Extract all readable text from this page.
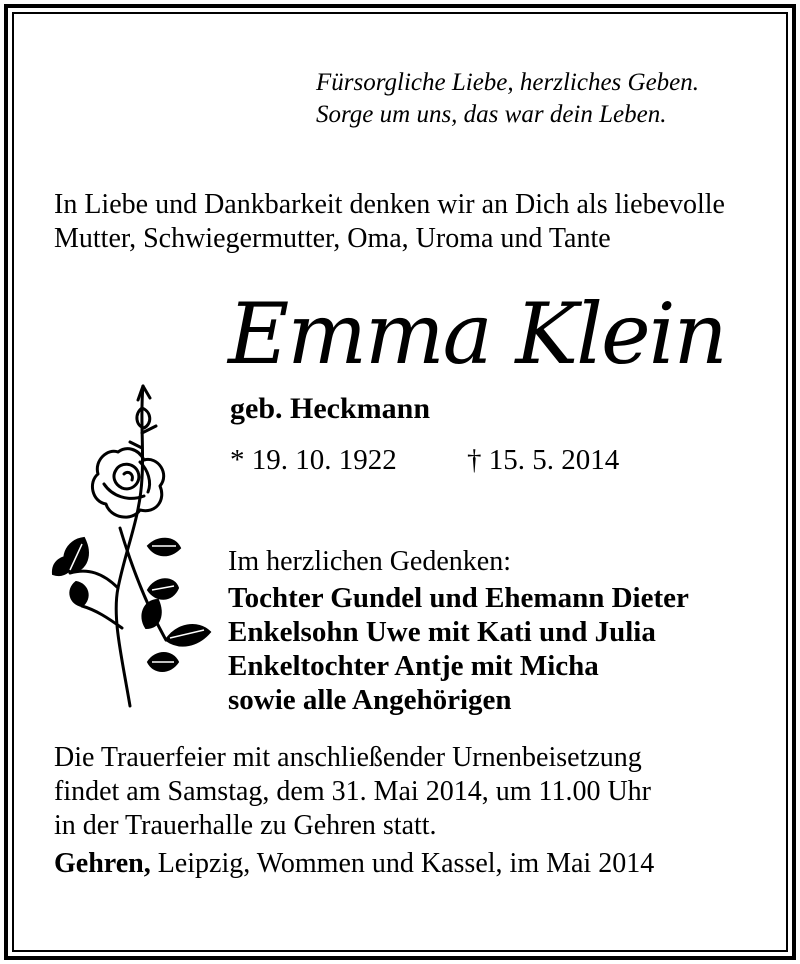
Fürsorgliche Liebe, herzliches Geben.
Sorge um uns, das war dein Leben.
In Liebe und Dankbarkeit denken wir an Dich als liebevolle
Mutter, Schwiegermutter, Oma, Uroma und Tante
Emma Klein
geb. Heckmann
* 19. 10. 1922 † 15. 5. 2014
Im herzlichen Gedenken:
Tochter Gundel und Ehemann Dieter
Enkelsohn Uwe mit Kati und Julia
Enkeltochter Antje mit Micha
sowie alle Angehörigen
Die Trauerfeier mit anschließender Urnenbeisetzung
findet am Samstag, dem 31. Mai 2014, um 11.00 Uhr
in der Trauerhalle zu Gehren statt.
Gehren, Leipzig, Wommen und Kassel, im Mai 2014
